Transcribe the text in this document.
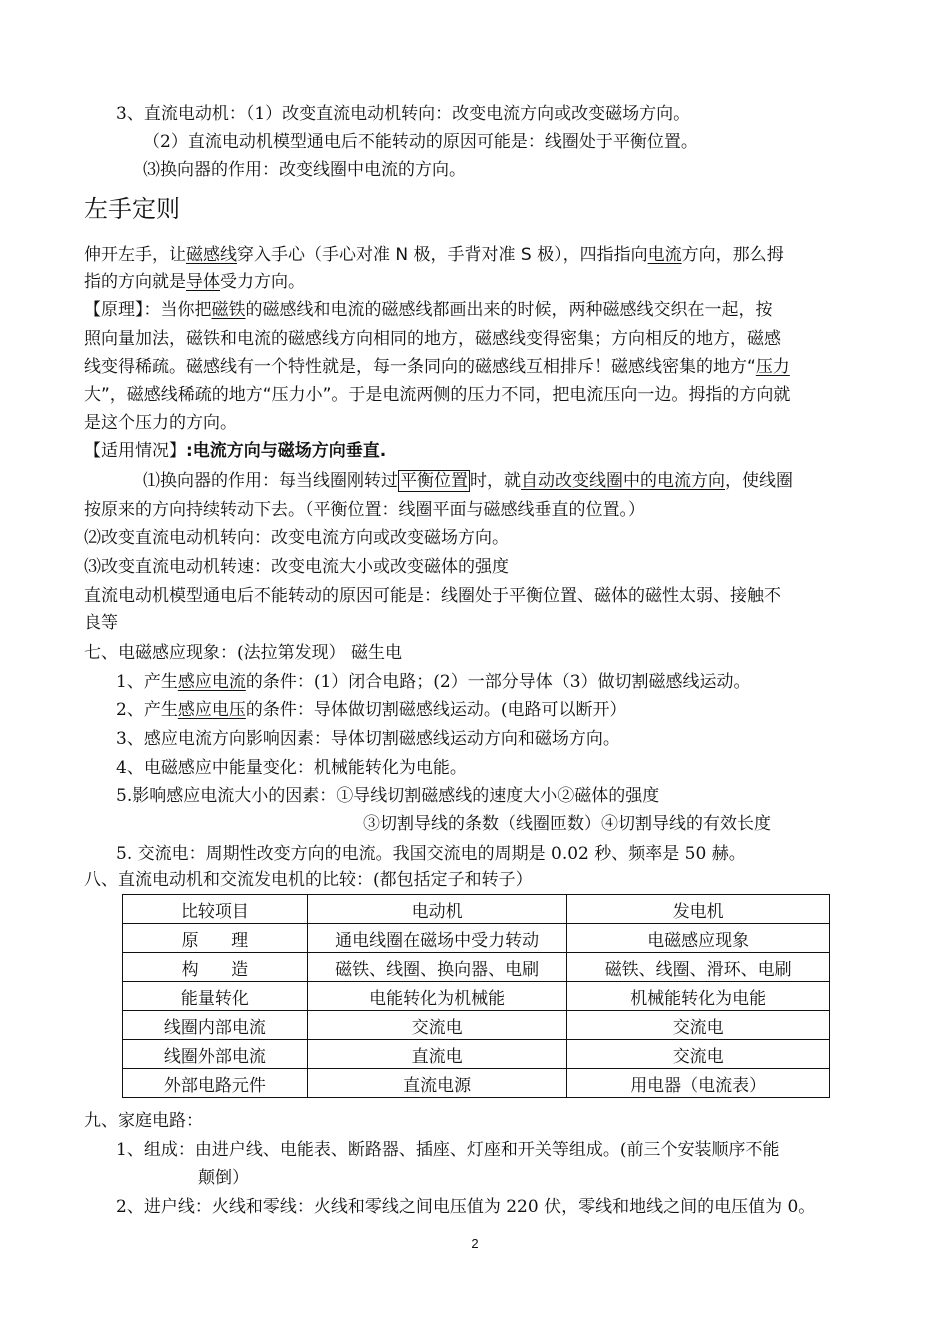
3、直流电动机：（1）改变直流电动机转向：改变电流方向或改变磁场方向。
（2）直流电动机模型通电后不能转动的原因可能是：线圈处于平衡位置。
⑶换向器的作用：改变线圈中电流的方向。
左手定则
伸开左手，让磁感线穿入手心（手心对准 N 极，手背对准 S 极），四指指向电流方向，那么拇
指的方向就是导体受力方向。
【原理】：当你把磁铁的磁感线和电流的磁感线都画出来的时候，两种磁感线交织在一起，按
照向量加法，磁铁和电流的磁感线方向相同的地方，磁感线变得密集；方向相反的地方，磁感
线变得稀疏。磁感线有一个特性就是，每一条同向的磁感线互相排斥！磁感线密集的地方“压力
大”，磁感线稀疏的地方“压力小”。于是电流两侧的压力不同，把电流压向一边。拇指的方向就
是这个压力的方向。
【适用情况】:电流方向与磁场方向垂直.
⑴换向器的作用：每当线圈刚转过 平衡位置 时，就自动改变线圈中的电流方向，使线圈
按原来的方向持续转动下去。（平衡位置：线圈平面与磁感线垂直的位置。）
⑵改变直流电动机转向：改变电流方向或改变磁场方向。
⑶改变直流电动机转速：改变电流大小或改变磁体的强度
直流电动机模型通电后不能转动的原因可能是：线圈处于平衡位置、磁体的磁性太弱、接触不
良等
七、电磁感应现象：(法拉第发现） 磁生电
1、产生感应电流的条件：(1）闭合电路；(2）一部分导体（3）做切割磁感线运动。
2、产生感应电压的条件：导体做切割磁感线运动。(电路可以断开）
3、感应电流方向影响因素：导体切割磁感线运动方向和磁场方向。
4、电磁感应中能量变化：机械能转化为电能。
5.影响感应电流大小的因素：①导线切割磁感线的速度大小②磁体的强度
③切割导线的条数（线圈匝数）④切割导线的有效长度
5. 交流电：周期性改变方向的电流。我国交流电的周期是 0.02 秒、频率是 50 赫。
八、直流电动机和交流发电机的比较：(都包括定子和转子）
比较项目	电动机	发电机
原      理	通电线圈在磁场中受力转动	电磁感应现象
构      造	磁铁、线圈、换向器、电刷	磁铁、线圈、滑环、电刷
能量转化	电能转化为机械能	机械能转化为电能
线圈内部电流	交流电	交流电
线圈外部电流	直流电	交流电
外部电路元件	直流电源	用电器（电流表）
九、家庭电路：
1、组成：由进户线、电能表、断路器、插座、灯座和开关等组成。(前三个安装顺序不能
颠倒）
2、进户线：火线和零线：火线和零线之间电压值为 220 伏，零线和地线之间的电压值为 0。
2
